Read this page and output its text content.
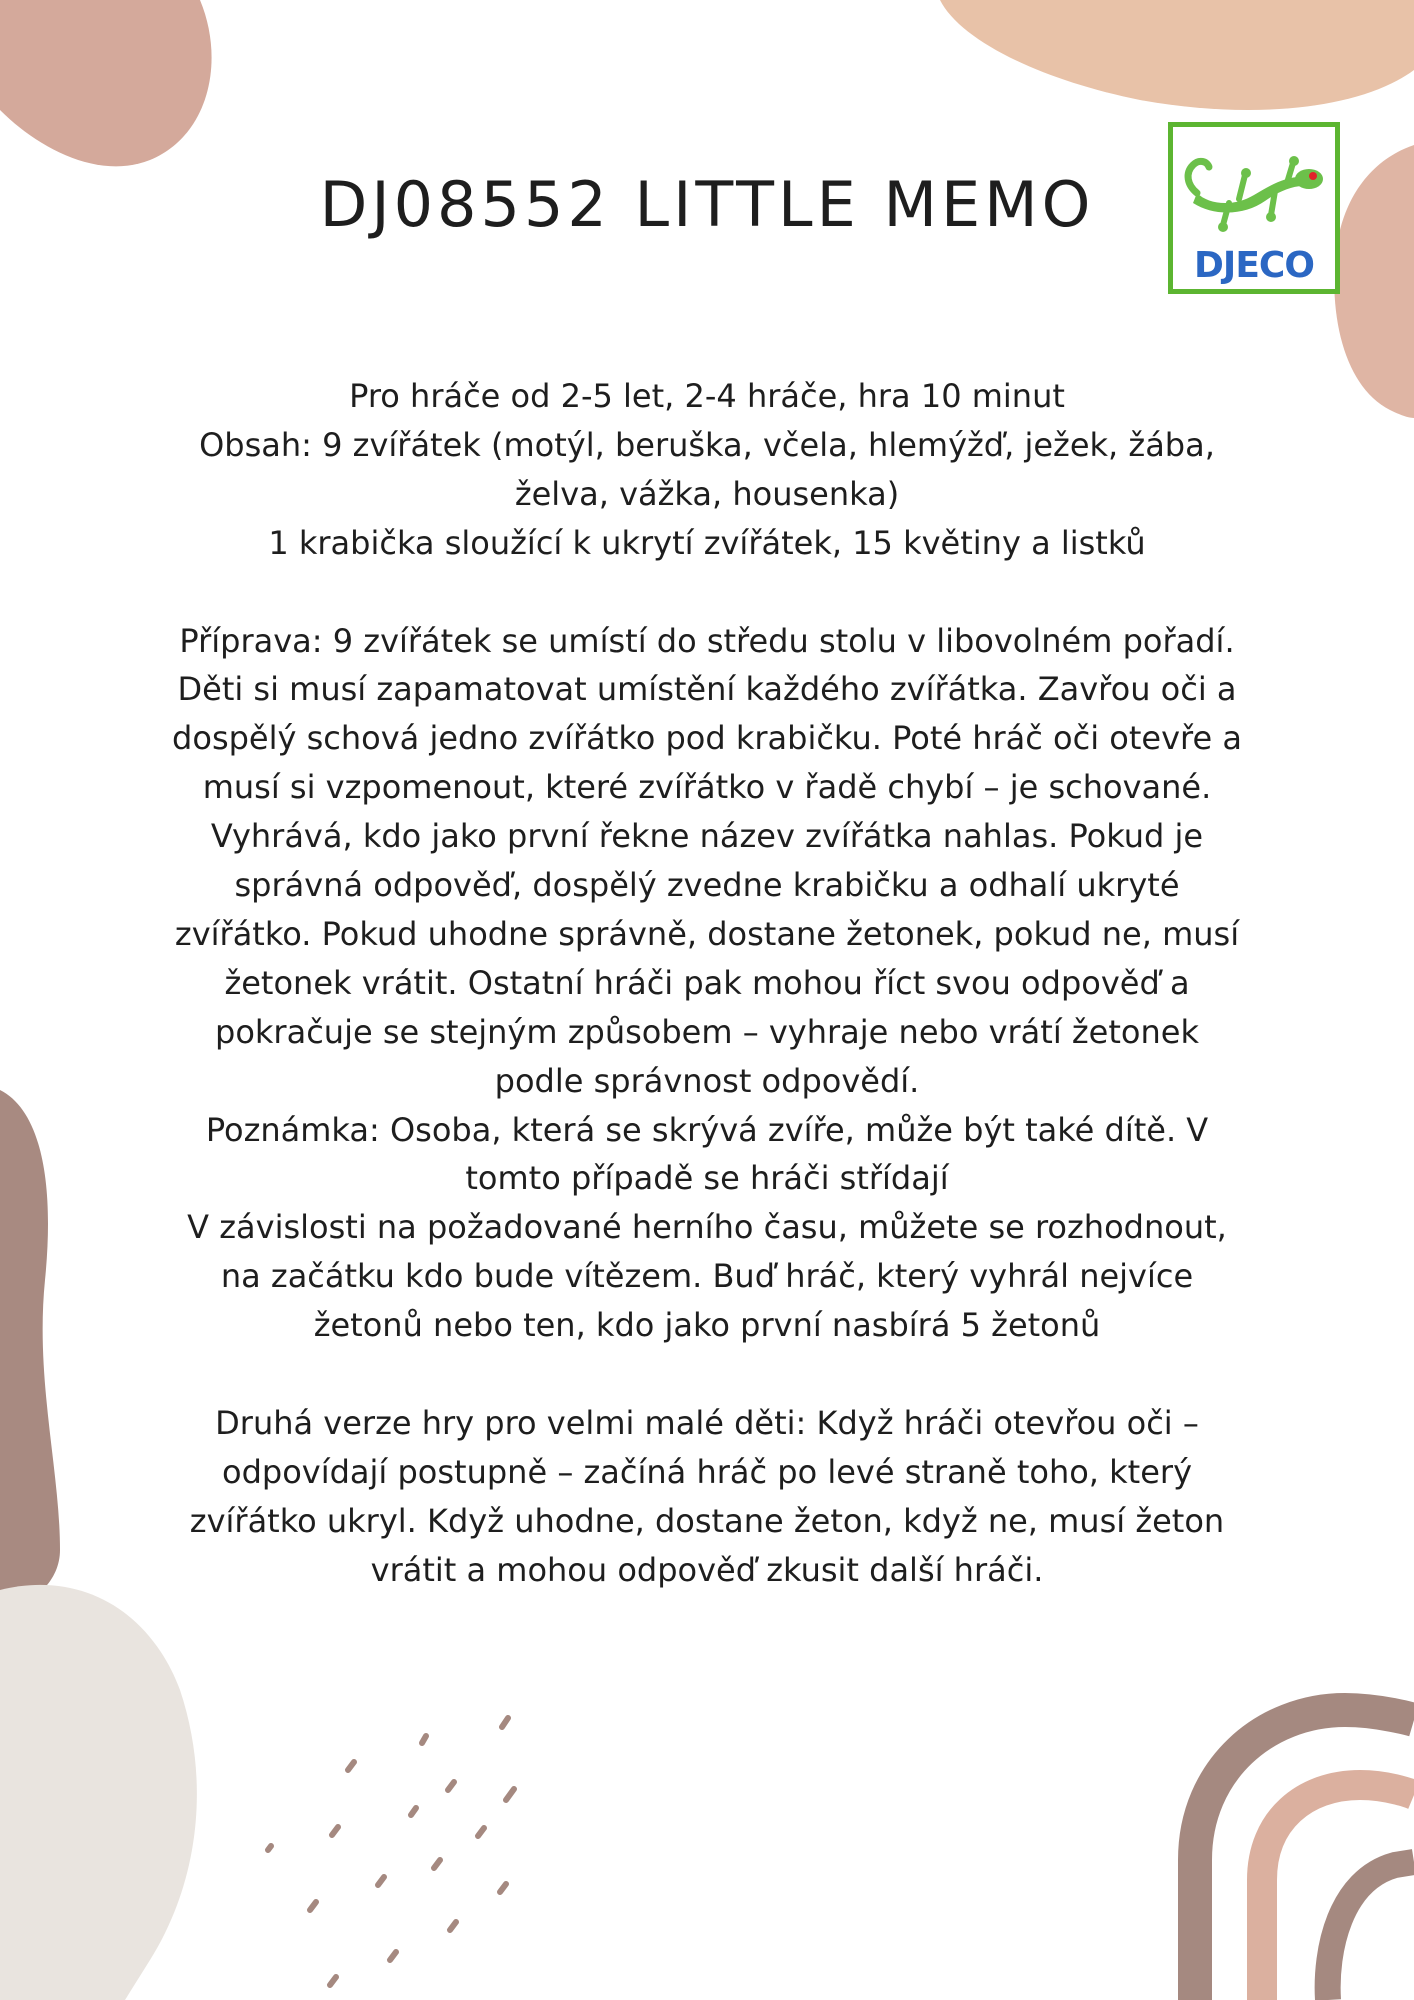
DJ08552 LITTLE MEMO
DJECO

Pro hráče od 2-5 let, 2-4 hráče, hra 10 minut

Obsah: 9 zvířátek (motýl, beruška, včela, hlemýžď, ježek, žába,

želva, vážka, housenka)

1 krabička sloužící k ukrytí zvířátek, 15 květiny a listků

Příprava: 9 zvířátek se umístí do středu stolu v libovolném pořadí.

Děti si musí zapamatovat umístění každého zvířátka. Zavřou oči a

dospělý schová jedno zvířátko pod krabičku. Poté hráč oči otevře a

musí si vzpomenout, které zvířátko v řadě chybí – je schované.

Vyhrává, kdo jako první řekne název zvířátka nahlas. Pokud je

správná odpověď, dospělý zvedne krabičku a odhalí ukryté

zvířátko. Pokud uhodne správně, dostane žetonek, pokud ne, musí

žetonek vrátit. Ostatní hráči pak mohou říct svou odpověď a

pokračuje se stejným způsobem – vyhraje nebo vrátí žetonek

podle správnost odpovědí.

Poznámka: Osoba, která se skrývá zvíře, může být také dítě. V

tomto případě se hráči střídají

V závislosti na požadované herního času, můžete se rozhodnout,

na začátku kdo bude vítězem. Buď hráč, který vyhrál nejvíce

žetonů nebo ten, kdo jako první nasbírá 5 žetonů

Druhá verze hry pro velmi malé děti: Když hráči otevřou oči –

odpovídají postupně – začíná hráč po levé straně toho, který

zvířátko ukryl. Když uhodne, dostane žeton, když ne, musí žeton

vrátit a mohou odpověď zkusit další hráči.
